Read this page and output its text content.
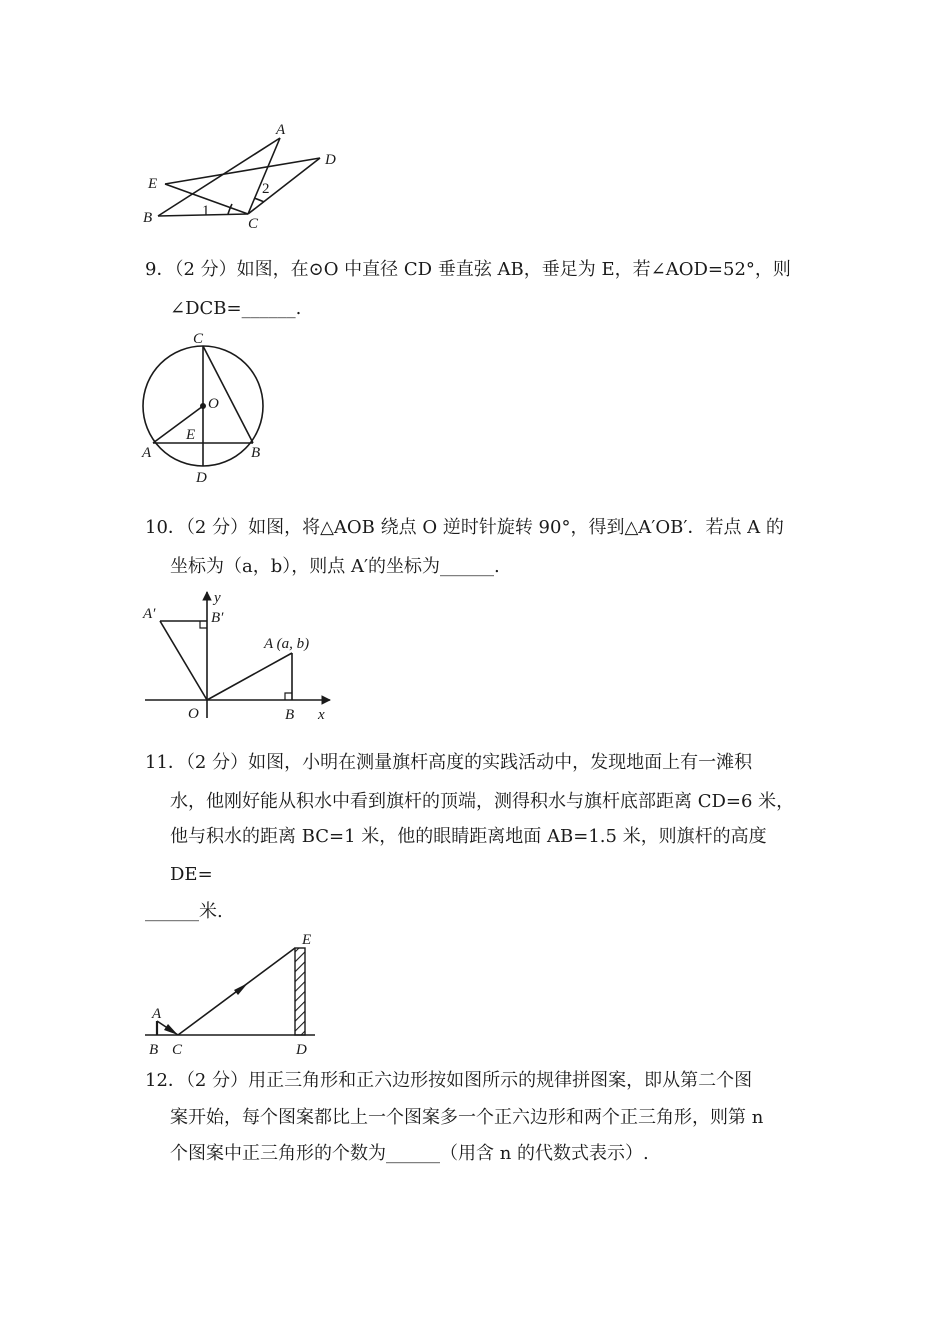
A
B	C
D
E
1
2
9．（2 分）如图，在⊙O 中直径 CD 垂直弦 AB，垂足为 E，若∠AOD=52°，则
∠DCB=______.
C
O
E
A	B
D
10．（2 分）如图，将△AOB 绕点 O 逆时针旋转 90°，得到△A′OB′．若点 A 的
坐标为（a，b），则点 A′的坐标为______.
A′	B′
y
A (a, b)
O	B x
11．（2 分）如图，小明在测量旗杆高度的实践活动中，发现地面上有一滩积
水，他刚好能从积水中看到旗杆的顶端，测得积水与旗杆底部距离 CD=6 米，
他与积水的距离 BC=1 米，他的眼睛距离地面 AB=1.5 米，则旗杆的高度
DE=
______米.
E
A
B C	D
12．（2 分）用正三角形和正六边形按如图所示的规律拼图案，即从第二个图
案开始，每个图案都比上一个图案多一个正六边形和两个正三角形，则第 n
个图案中正三角形的个数为______（用含 n 的代数式表示）.
